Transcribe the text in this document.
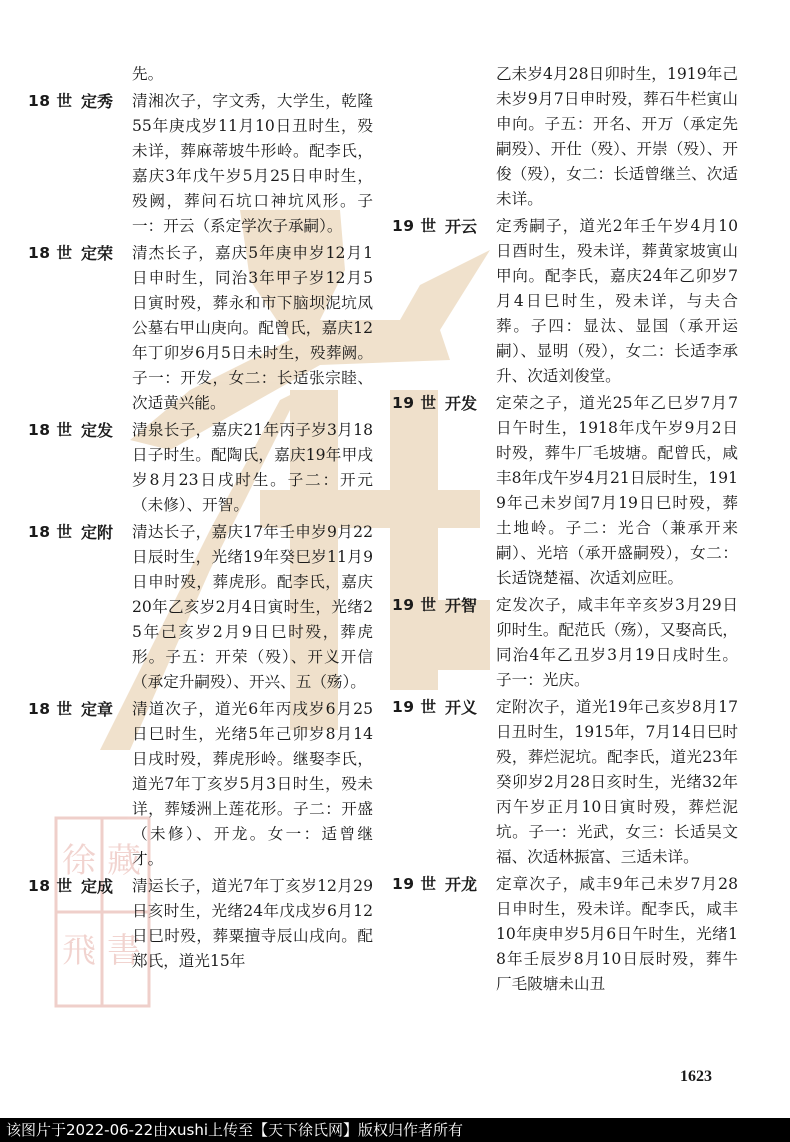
徐
飛
藏
書
先。
18 世 定秀	清湘次子，字文秀，大学生，乾隆55年庚戌岁11月10日丑时生，殁未详，葬麻蒂坡牛形岭。配李氏，嘉庆3年戊午岁5月25日申时生，殁阙，葬问石坑口神坑风形。子一：开云（系定学次子承嗣）。
18 世 定荣	清杰长子，嘉庆5年庚申岁12月1日申时生，同治3年甲子岁12月5日寅时殁，葬永和市下脑坝泥坑凤公墓右甲山庚向。配曾氏，嘉庆12年丁卯岁6月5日未时生，殁葬阙。子一：开发，女二：长适张宗睦、次适黄兴能。
18 世 定发	清泉长子，嘉庆21年丙子岁3月18日子时生。配陶氏，嘉庆19年甲戌岁8月23日戌时生。子二：开元（未修）、开智。
18 世 定附	清达长子，嘉庆17年壬申岁9月22日辰时生，光绪19年癸巳岁11月9日申时殁，葬虎形。配李氏，嘉庆20年乙亥岁2月4日寅时生，光绪25年己亥岁2月9日巳时殁，葬虎形。子五：开荣（殁）、开义开信（承定升嗣殁）、开兴、五（殇）。
18 世 定章	清道次子，道光6年丙戌岁6月25日巳时生，光绪5年己卯岁8月14日戌时殁，葬虎形岭。继娶李氏，道光7年丁亥岁5月3日时生，殁未详，葬矮洲上莲花形。子二：开盛（未修）、开龙。女一：适曾继才。
18 世 定成	清运长子，道光7年丁亥岁12月29日亥时生，光绪24年戊戌岁6月12日巳时殁，葬粟擅寺辰山戌向。配郑氏，道光15年
乙未岁4月28日卯时生，1919年己未岁9月7日申时殁，葬石牛栏寅山申向。子五：开名、开万（承定先嗣殁）、开仕（殁）、开崇（殁）、开俊（殁），女二：长适曾继兰、次适未详。
19 世 开云	定秀嗣子，道光2年壬午岁4月10日酉时生，殁未详，葬黄家坡寅山甲向。配李氏，嘉庆24年乙卯岁7月4日巳时生，殁未详，与夫合葬。子四：显汰、显国（承开运嗣）、显明（殁），女二：长适李承升、次适刘俊堂。
19 世 开发	定荣之子，道光25年乙巳岁7月7日午时生，1918年戊午岁9月2日时殁，葬牛厂毛坡塘。配曾氏，咸丰8年戊午岁4月21日辰时生，1919年己未岁闰7月19日巳时殁，葬土地岭。子二：光合（兼承开来嗣）、光培（承开盛嗣殁），女二：长适饶楚福、次适刘应旺。
19 世 开智	定发次子，咸丰年辛亥岁3月29日卯时生。配范氏（殇），又娶高氏，同治4年乙丑岁3月19日戌时生。子一：光庆。
19 世 开义	定附次子，道光19年己亥岁8月17日丑时生，1915年，7月14日巳时殁，葬烂泥坑。配李氏，道光23年癸卯岁2月28日亥时生，光绪32年丙午岁正月10日寅时殁，葬烂泥坑。子一：光武，女三：长适吴文福、次适林振富、三适未详。
19 世 开龙	定章次子，咸丰9年己未岁7月28日申时生，殁未详。配李氏，咸丰10年庚申岁5月6日午时生，光绪18年壬辰岁8月10日辰时殁，葬牛厂毛陂塘未山丑
1623
该图片于2022-06-22由xushi上传至【天下徐氏网】版权归作者所有
